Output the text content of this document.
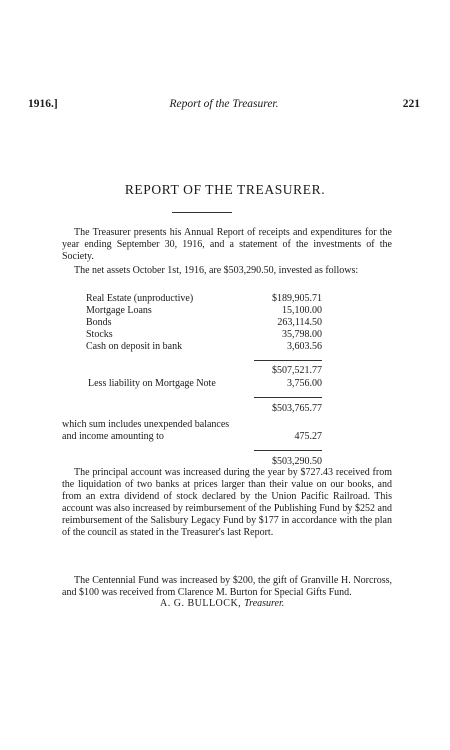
1916.]	Report of the Treasurer.	221
REPORT OF THE TREASURER.

The Treasurer presents his Annual Report of receipts and expenditures for the year ending September 30, 1916, and a statement of the investments of the Society.

The net assets October 1st, 1916, are $503,290.50, invested as follows:

Real Estate (unproductive)	$189,905.71
Mortgage Loans	15,100.00
Bonds	263,114.50
Stocks	35,798.00
Cash on deposit in bank	3,603.56
$507,521.77
Less liability on Mortgage Note	3,756.00
$503,765.77
which sum includes unexpended balances
and income amounting to	475.27
$503,290.50

The principal account was increased during the year by $727.43 received from the liquidation of two banks at prices larger than their value on our books, and from an extra dividend of stock declared by the Union Pacific Railroad. This account was also increased by reimbursement of the Publishing Fund by $252 and reimbursement of the Salisbury Legacy Fund by $177 in accordance with the plan of the council as stated in the Treasurer's last Report.

The Centennial Fund was increased by $200, the gift of Granville H. Norcross, and $100 was received from Clarence M. Burton for Special Gifts Fund.

A. G. BULLOCK, Treasurer.
